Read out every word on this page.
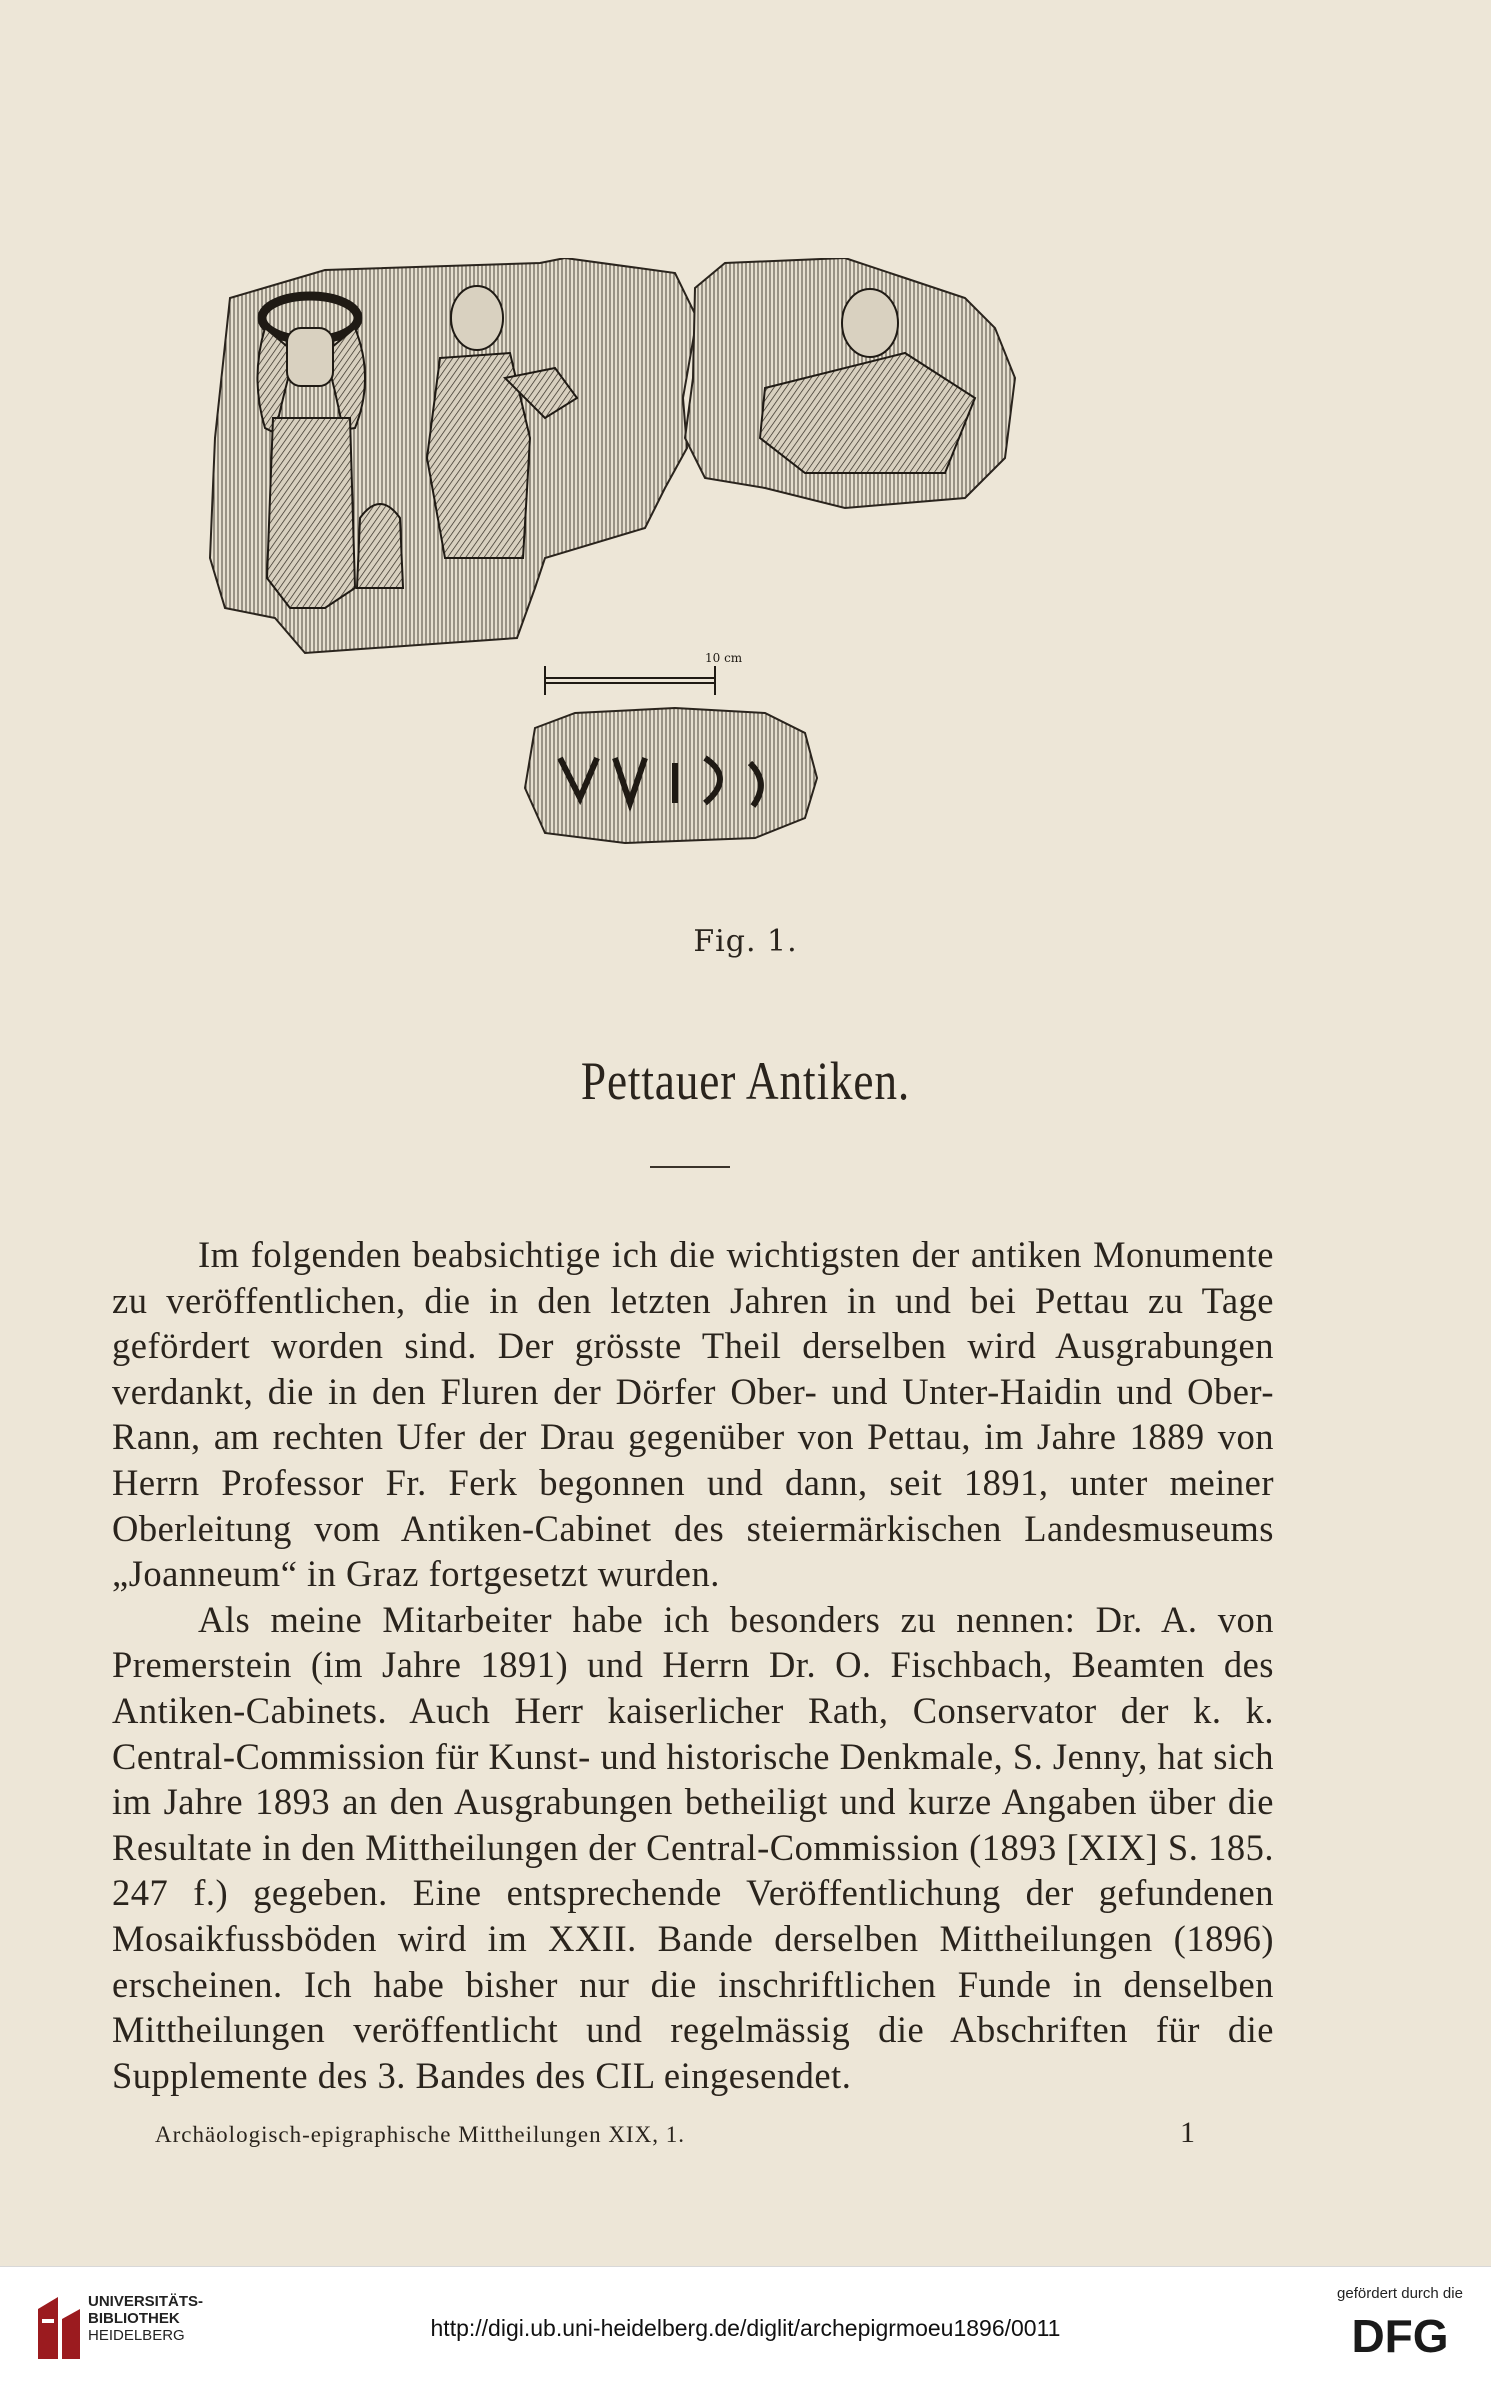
10 cm
Fig. 1.
Pettauer Antiken.

Im folgenden beabsichtige ich die wichtigsten der antiken Monumente zu veröffentlichen, die in den letzten Jahren in und bei Pettau zu Tage gefördert worden sind. Der grösste Theil derselben wird Ausgrabungen verdankt, die in den Fluren der Dörfer Ober- und Unter-Haidin und Ober-Rann, am rechten Ufer der Drau gegenüber von Pettau, im Jahre 1889 von Herrn Professor Fr. Ferk begonnen und dann, seit 1891, unter meiner Oberleitung vom Antiken-Cabinet des steiermärkischen Landesmuseums „Joanneum“ in Graz fortgesetzt wurden.

Als meine Mitarbeiter habe ich besonders zu nennen: Dr. A. von Premerstein (im Jahre 1891) und Herrn Dr. O. Fischbach, Beamten des Antiken-Cabinets. Auch Herr kaiserlicher Rath, Conservator der k. k. Central-Commission für Kunst- und historische Denkmale, S. Jenny, hat sich im Jahre 1893 an den Ausgrabungen betheiligt und kurze Angaben über die Resultate in den Mittheilungen der Central-Commission (1893 [XIX] S. 185. 247 f.) gegeben. Eine entsprechende Veröffentlichung der gefundenen Mosaikfussböden wird im XXII. Bande derselben Mittheilungen (1896) erscheinen. Ich habe bisher nur die inschriftlichen Funde in denselben Mittheilungen veröffentlicht und regelmässig die Abschriften für die Supplemente des 3. Bandes des CIL eingesendet.

Archäologisch-epigraphische Mittheilungen XIX, 1.	1
UNIVERSITÄTS-
BIBLIOTHEK
HEIDELBERG	http://digi.ub.uni-heidelberg.de/diglit/archepigrmoeu1896/0011
gefördert durch die
DFG
